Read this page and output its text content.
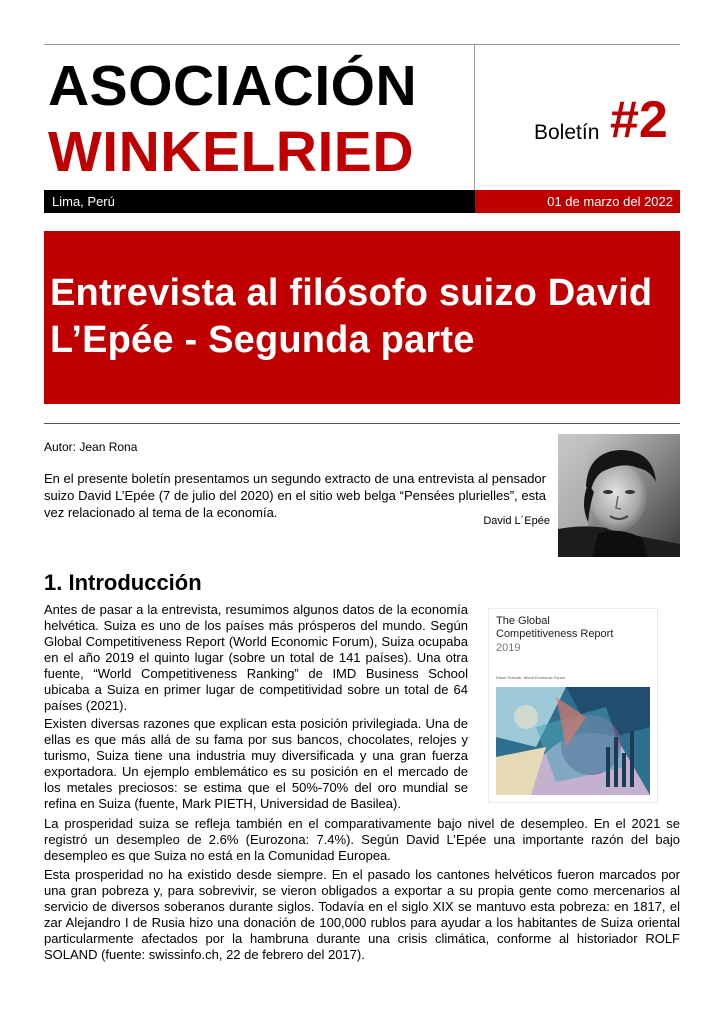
ASOCIACIÓN
WINKELRIED	Boletín #2
Lima, Perú	01 de marzo del 2022
Entrevista al filósofo suizo David L’Epée - Segunda parte
Autor: Jean Rona
En el presente boletín presentamos un segundo extracto de una entrevista al pensador suizo David L’Epée (7 de julio del 2020) en el sitio web belga “Pensées plurielles”, esta vez relacionado al tema de la economía.
David L´Epée
1. Introducción
Antes de pasar a la entrevista, resumimos algunos datos de la economía helvética. Suiza es uno de los países más prósperos del mundo. Según Global Competitiveness Report (World Economic Forum), Suiza ocupaba en el año 2019 el quinto lugar (sobre un total de 141 países). Una otra fuente, “World Competitiveness Ranking” de IMD Business School ubicaba a Suiza en primer lugar de competitividad sobre un total de 64 países (2021).
Existen diversas razones que explican esta posición privilegiada. Una de ellas es que más allá de su fama por sus bancos, chocolates, relojes y turismo, Suiza tiene una industria muy diversificada y una gran fuerza exportadora. Un ejemplo emblemático es su posición en el mercado de los metales preciosos: se estima que el 50%-70% del oro mundial se refina en Suiza (fuente, Mark PIETH, Universidad de Basilea).
La prosperidad suiza se refleja también en el comparativamente bajo nivel de desempleo. En el 2021 se registró un desempleo de 2.6% (Eurozona: 7.4%). Según David L’Epée una importante razón del bajo desempleo es que Suiza no está en la Comunidad Europea.
Esta prosperidad no ha existido desde siempre. En el pasado los cantones helvéticos fueron marcados por una gran pobreza y, para sobrevivir, se vieron obligados a exportar a su propia gente como mercenarios al servicio de diversos soberanos durante siglos. Todavía en el siglo XIX se mantuvo esta pobreza: en 1817, el zar Alejandro I de Rusia hizo una donación de 100,000 rublos para ayudar a los habitantes de Suiza oriental particularmente afectados por la hambruna durante una crisis climática, conforme al historiador ROLF SOLAND (fuente: swissinfo.ch, 22 de febrero del 2017).
The Global
Competitiveness Report
2019
Klaus Schwab, World Economic Forum
